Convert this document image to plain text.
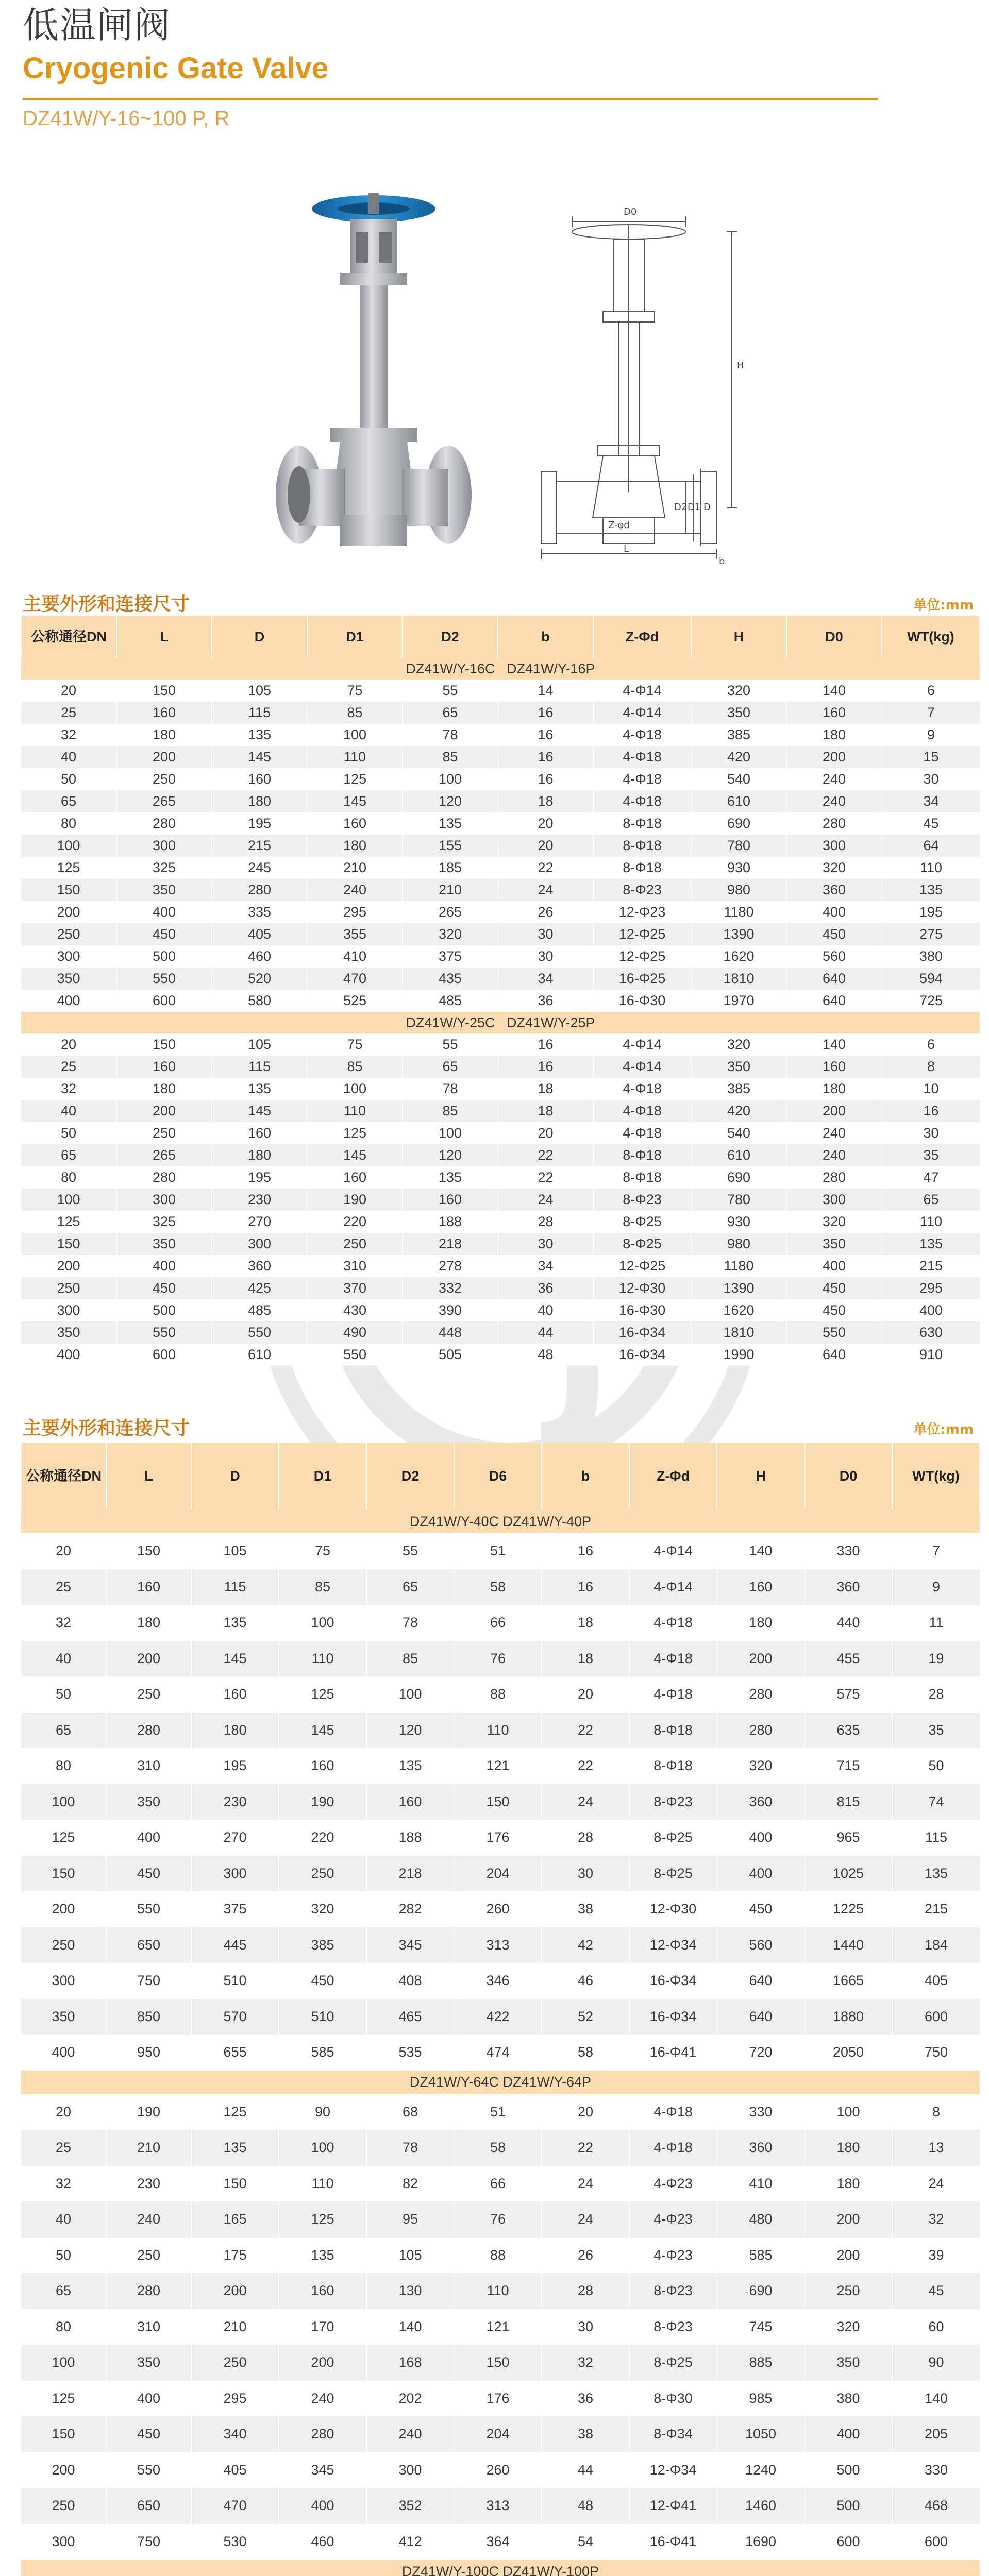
低温闸阀
Cryogenic Gate Valve
DZ41W/Y-16~100 P, R
D0
H
D2 D1 D
Z-φd
L
b
主要外形和连接尺寸	单位:mm
公称通径DN	L	D	D1	D2	b	Z-Φd	H	D0	WT(kg)
DZ41W/Y-16C   DZ41W/Y-16P									
20	150	105	75	55	14	4-Φ14	320	140	6
25	160	115	85	65	16	4-Φ14	350	160	7
32	180	135	100	78	16	4-Φ18	385	180	9
40	200	145	110	85	16	4-Φ18	420	200	15
50	250	160	125	100	16	4-Φ18	540	240	30
65	265	180	145	120	18	4-Φ18	610	240	34
80	280	195	160	135	20	8-Φ18	690	280	45
100	300	215	180	155	20	8-Φ18	780	300	64
125	325	245	210	185	22	8-Φ18	930	320	110
150	350	280	240	210	24	8-Φ23	980	360	135
200	400	335	295	265	26	12-Φ23	1180	400	195
250	450	405	355	320	30	12-Φ25	1390	450	275
300	500	460	410	375	30	12-Φ25	1620	560	380
350	550	520	470	435	34	16-Φ25	1810	640	594
400	600	580	525	485	36	16-Φ30	1970	640	725
DZ41W/Y-25C   DZ41W/Y-25P									
20	150	105	75	55	16	4-Φ14	320	140	6
25	160	115	85	65	16	4-Φ14	350	160	8
32	180	135	100	78	18	4-Φ18	385	180	10
40	200	145	110	85	18	4-Φ18	420	200	16
50	250	160	125	100	20	4-Φ18	540	240	30
65	265	180	145	120	22	8-Φ18	610	240	35
80	280	195	160	135	22	8-Φ18	690	280	47
100	300	230	190	160	24	8-Φ23	780	300	65
125	325	270	220	188	28	8-Φ25	930	320	110
150	350	300	250	218	30	8-Φ25	980	350	135
200	400	360	310	278	34	12-Φ25	1180	400	215
250	450	425	370	332	36	12-Φ30	1390	450	295
300	500	485	430	390	40	16-Φ30	1620	450	400
350	550	550	490	448	44	16-Φ34	1810	550	630
400	600	610	550	505	48	16-Φ34	1990	640	910
主要外形和连接尺寸	单位:mm
公称通径DN	L	D	D1	D2	D6	b	Z-Φd	H	D0	WT(kg)
DZ41W/Y-40C DZ41W/Y-40P										
20	150	105	75	55	51	16	4-Φ14	140	330	7
25	160	115	85	65	58	16	4-Φ14	160	360	9
32	180	135	100	78	66	18	4-Φ18	180	440	11
40	200	145	110	85	76	18	4-Φ18	200	455	19
50	250	160	125	100	88	20	4-Φ18	280	575	28
65	280	180	145	120	110	22	8-Φ18	280	635	35
80	310	195	160	135	121	22	8-Φ18	320	715	50
100	350	230	190	160	150	24	8-Φ23	360	815	74
125	400	270	220	188	176	28	8-Φ25	400	965	115
150	450	300	250	218	204	30	8-Φ25	400	1025	135
200	550	375	320	282	260	38	12-Φ30	450	1225	215
250	650	445	385	345	313	42	12-Φ34	560	1440	184
300	750	510	450	408	346	46	16-Φ34	640	1665	405
350	850	570	510	465	422	52	16-Φ34	640	1880	600
400	950	655	585	535	474	58	16-Φ41	720	2050	750
DZ41W/Y-64C DZ41W/Y-64P										
20	190	125	90	68	51	20	4-Φ18	330	100	8
25	210	135	100	78	58	22	4-Φ18	360	180	13
32	230	150	110	82	66	24	4-Φ23	410	180	24
40	240	165	125	95	76	24	4-Φ23	480	200	32
50	250	175	135	105	88	26	4-Φ23	585	200	39
65	280	200	160	130	110	28	8-Φ23	690	250	45
80	310	210	170	140	121	30	8-Φ23	745	320	60
100	350	250	200	168	150	32	8-Φ25	885	350	90
125	400	295	240	202	176	36	8-Φ30	985	380	140
150	450	340	280	240	204	38	8-Φ34	1050	400	205
200	550	405	345	300	260	44	12-Φ34	1240	500	330
250	650	470	400	352	313	48	12-Φ41	1460	500	468
300	750	530	460	412	364	54	16-Φ41	1690	600	600
DZ41W/Y-100C DZ41W/Y-100P										
